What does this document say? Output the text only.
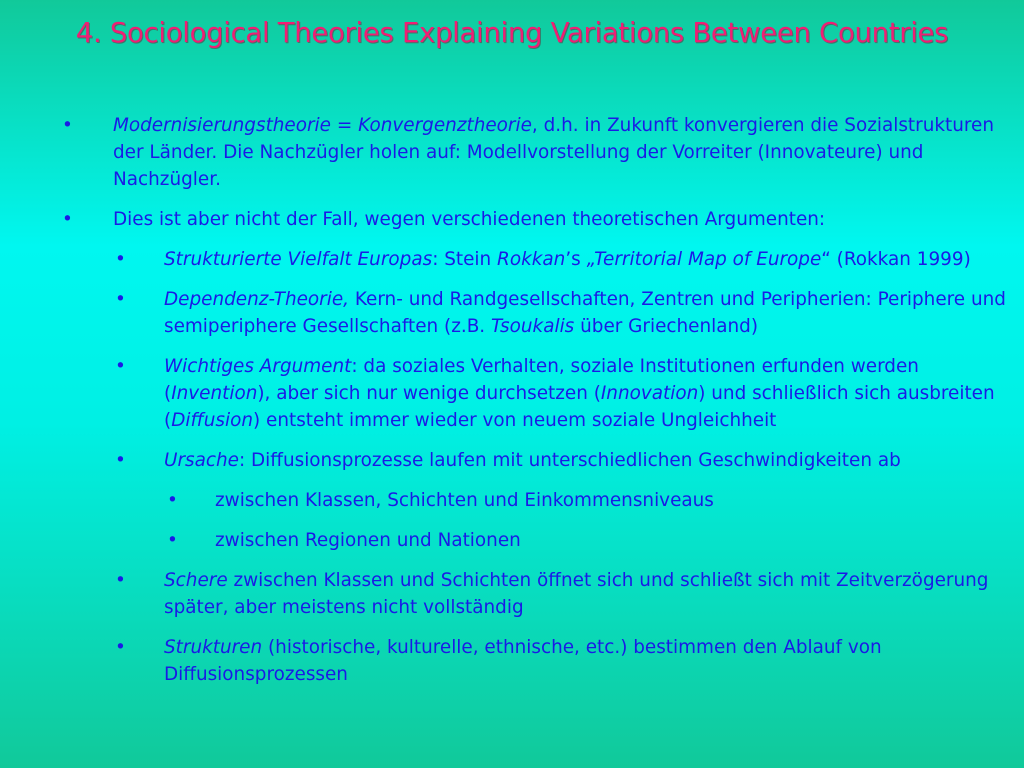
4. Sociological Theories Explaining Variations Between Countries
• Modernisierungstheorie = Konvergenztheorie, d.h. in Zukunft konvergieren die Sozialstrukturen der Länder. Die Nachzügler holen auf: Modellvorstellung der Vorreiter (Innovateure) und Nachzügler.
• Dies ist aber nicht der Fall, wegen verschiedenen theoretischen Argumenten:
• Strukturierte Vielfalt Europas: Stein Rokkan’s „Territorial Map of Europe“ (Rokkan 1999)
• Dependenz-Theorie, Kern- und Randgesellschaften, Zentren und Peripherien: Periphere und semiperiphere Gesellschaften (z.B. Tsoukalis über Griechenland)
• Wichtiges Argument: da soziales Verhalten, soziale Institutionen erfunden werden (Invention), aber sich nur wenige durchsetzen (Innovation) und schließlich sich ausbreiten (Diffusion) entsteht immer wieder von neuem soziale Ungleichheit
• Ursache: Diffusionsprozesse laufen mit unterschiedlichen Geschwindigkeiten ab
• zwischen Klassen, Schichten und Einkommensniveaus
• zwischen Regionen und Nationen
• Schere zwischen Klassen und Schichten öffnet sich und schließt sich mit Zeitverzögerung später, aber meistens nicht vollständig
• Strukturen (historische, kulturelle, ethnische, etc.) bestimmen den Ablauf von Diffusionsprozessen
